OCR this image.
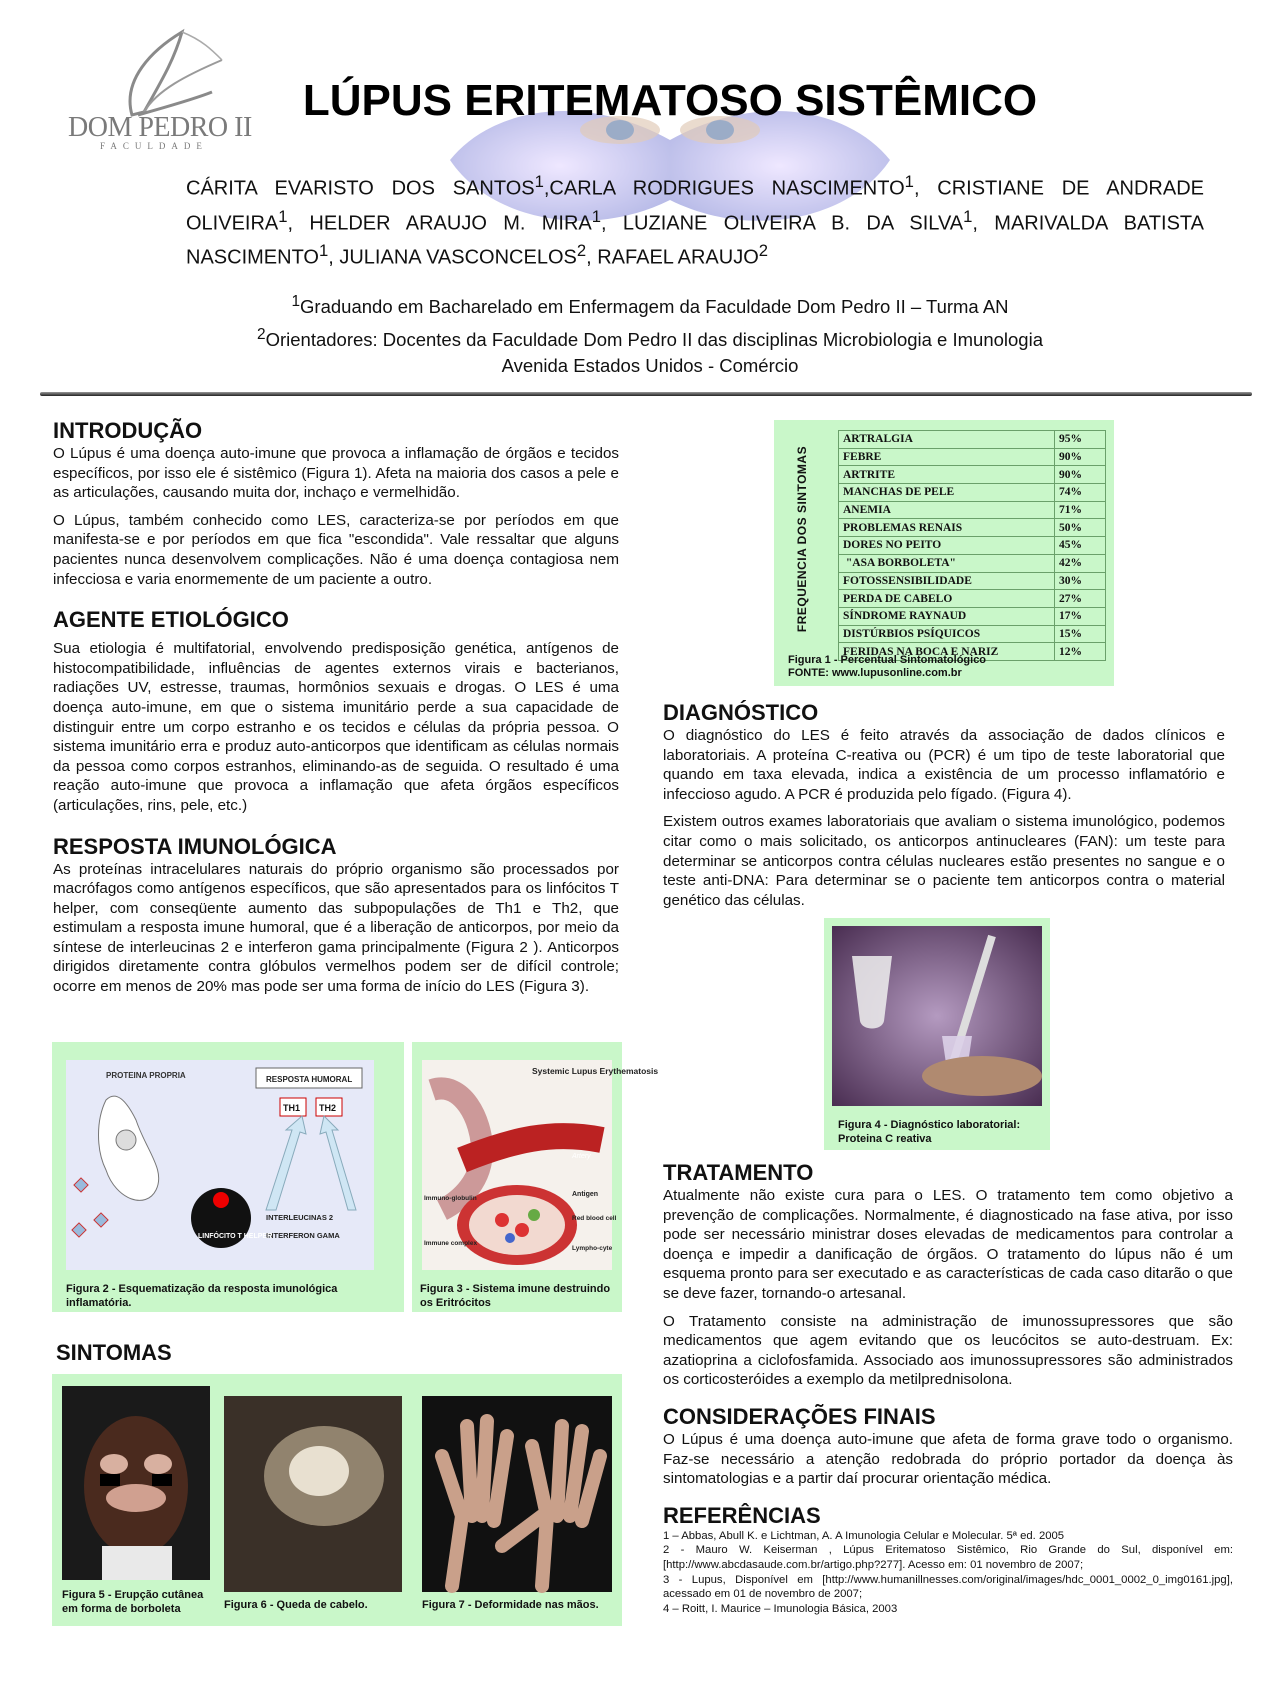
DOM PEDRO II
FACULDADE
LÚPUS ERITEMATOSO SISTÊMICO
CÁRITA EVARISTO DOS SANTOS$^1$,CARLA RODRIGUES NASCIMENTO$^1$, CRISTIANE DE ANDRADE OLIVEIRA$^1$, HELDER ARAUJO M. MIRA$^1$, LUZIANE OLIVEIRA B. DA SILVA$^1$, MARIVALDA BATISTA NASCIMENTO$^1$, JULIANA VASCONCELOS$^2$, RAFAEL ARAUJO$^2$
$^1$Graduando em Bacharelado em Enfermagem da Faculdade Dom Pedro II – Turma AN
$^2$Orientadores: Docentes da Faculdade Dom Pedro II das disciplinas Microbiologia e Imunologia
Avenida Estados Unidos - Comércio
INTRODUÇÃO

O Lúpus é uma doença auto-imune que provoca a inflamação de órgãos e tecidos específicos, por isso ele é sistêmico (Figura 1). Afeta na maioria dos casos a pele e as articulações, causando muita dor, inchaço e vermelhidão.

O Lúpus, também conhecido como LES, caracteriza-se por períodos em que manifesta-se e por períodos em que fica "escondida". Vale ressaltar que alguns pacientes nunca desenvolvem complicações. Não é uma doença contagiosa nem infecciosa e varia enormemente de um paciente a outro.

AGENTE ETIOLÓGICO

Sua etiologia é multifatorial, envolvendo predisposição genética, antígenos de histocompatibilidade, influências de agentes externos virais e bacterianos, radiações UV, estresse, traumas, hormônios sexuais e drogas. O LES é uma doença auto-imune, em que o sistema imunitário perde a sua capacidade de distinguir entre um corpo estranho e os tecidos e células da própria pessoa. O sistema imunitário erra e produz auto-anticorpos que identificam as células normais da pessoa como corpos estranhos, eliminando-as de seguida. O resultado é uma reação auto-imune que provoca a inflamação que afeta órgãos específicos (articulações, rins, pele, etc.)

RESPOSTA IMUNOLÓGICA

As proteínas intracelulares naturais do próprio organismo são processados por macrófagos como antígenos específicos, que são apresentados para os linfócitos T helper, com conseqüente aumento das subpopulações de Th1 e Th2, que estimulam a resposta imune humoral, que é a liberação de anticorpos, por meio da síntese de interleucinas 2 e interferon gama principalmente (Figura 2 ). Anticorpos dirigidos diretamente contra glóbulos vermelhos podem ser de difícil controle; ocorre em menos de 20% mas pode ser uma forma de início do LES (Figura 3).

PROTEINA PROPRIA	RESPOSTA HUMORAL
TH1 TH2
INTERLEUCINAS 2
INTERFERON GAMA
LINFÓCITO T HELPER
Figura 2 - Esquematização da resposta imunológica inflamatória.
Systemic Lupus Erythematosis
Artery
Antigen
Immuno-globulin
Red blood cell
Immune complex
Lympho-cyte
Figura 3 - Sistema imune destruindo os Eritrócitos
SINTOMAS
Figura 5 - Erupção cutânea em forma de borboleta	Figura 6 - Queda de cabelo.	Figura 7 - Deformidade nas mãos.
FREQUENCIA DOS SINTOMAS
ARTRALGIA	95%
FEBRE	90%
ARTRITE	90%
MANCHAS DE PELE	74%
ANEMIA	71%
PROBLEMAS RENAIS	50%
DORES NO PEITO	45%
"ASA BORBOLETA"	42%
FOTOSSENSIBILIDADE	30%
PERDA DE CABELO	27%
SÍNDROME RAYNAUD	17%
DISTÚRBIOS PSÍQUICOS	15%
FERIDAS NA BOCA E NARIZ	12%
Figura 1 - Percentual Sintomatológico
FONTE: www.lupusonline.com.br
DIAGNÓSTICO

O diagnóstico do LES é feito através da associação de dados clínicos e laboratoriais. A proteína C-reativa ou (PCR) é um tipo de teste laboratorial que quando em taxa elevada, indica a existência de um processo inflamatório e infeccioso agudo. A PCR é produzida pelo fígado. (Figura 4).

Existem outros exames laboratoriais que avaliam o sistema imunológico, podemos citar como o mais solicitado, os anticorpos antinucleares (FAN): um teste para determinar se anticorpos contra células nucleares estão presentes no sangue e o teste anti-DNA: Para determinar se o paciente tem anticorpos contra o material genético das células.

Figura 4 - Diagnóstico laboratorial: Proteina C reativa
TRATAMENTO

Atualmente não existe cura para o LES. O tratamento tem como objetivo a prevenção de complicações. Normalmente, é diagnosticado na fase ativa, por isso pode ser necessário ministrar doses elevadas de medicamentos para controlar a doença e impedir a danificação de órgãos. O tratamento do lúpus não é um esquema pronto para ser executado e as características de cada caso ditarão o que se deve fazer, tornando-o artesanal.

O Tratamento consiste na administração de imunossupressores que são medicamentos que agem evitando que os leucócitos se auto-destruam. Ex: azatioprina a ciclofosfamida. Associado aos imunossupressores são administrados os corticosteróides a exemplo da metilprednisolona.

CONSIDERAÇÕES FINAIS

O Lúpus é uma doença auto-imune que afeta de forma grave todo o organismo. Faz-se necessário a atenção redobrada do próprio portador da doença às sintomatologias e a partir daí procurar orientação médica.

REFERÊNCIAS

1 – Abbas, Abull K. e Lichtman, A. A Imunologia Celular e Molecular. 5ª ed. 2005

2 - Mauro W. Keiserman , Lúpus Eritematoso Sistêmico, Rio Grande do Sul, disponível em: [http://www.abcdasaude.com.br/artigo.php?277]. Acesso em: 01 novembro de 2007;

3 - Lupus, Disponível em [http://www.humanillnesses.com/original/images/hdc_0001_0002_0_img0161.jpg], acessado em 01 de novembro de 2007;

4 – Roitt, I. Maurice – Imunologia Básica, 2003
